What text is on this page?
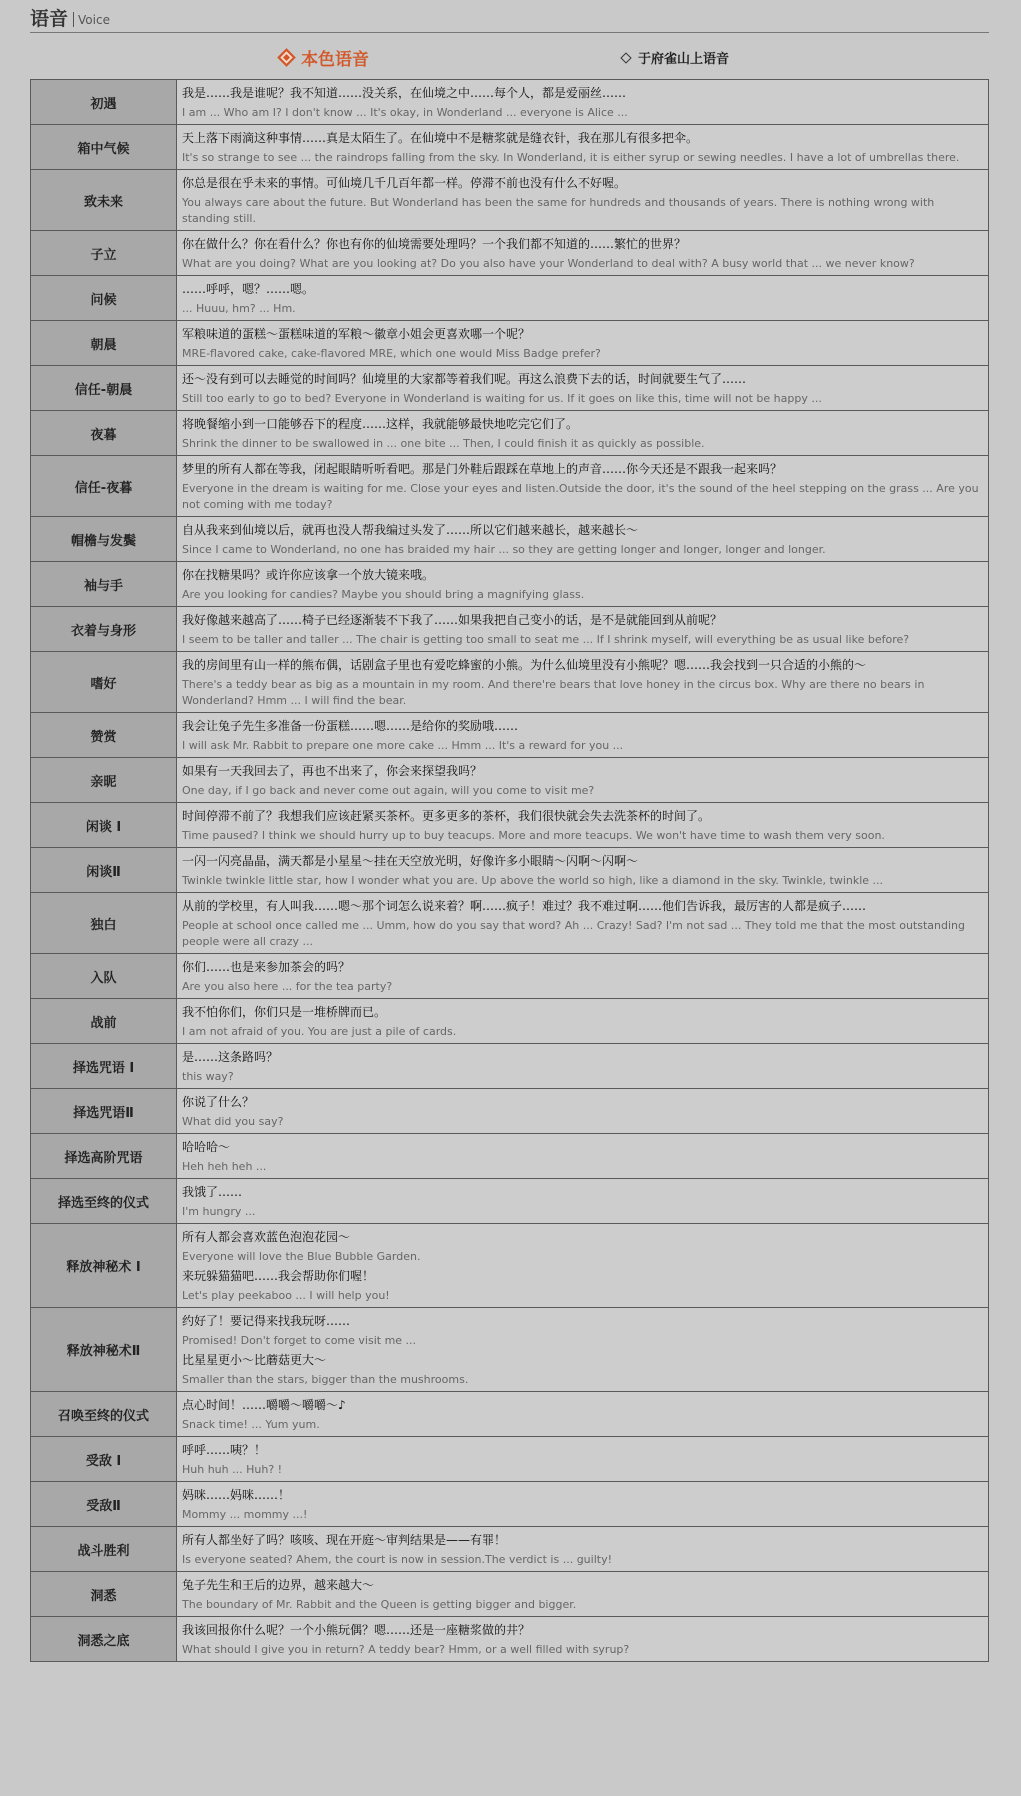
语音 Voice
本色语音	于府雀山上语音
初遇	我是……我是谁呢？我不知道……没关系，在仙境之中……每个人，都是爱丽丝……
I am ... Who am I? I don't know ... It's okay, in Wonderland ... everyone is Alice ...

箱中气候	天上落下雨滴这种事情……真是太陌生了。在仙境中不是糖浆就是缝衣针，我在那儿有很多把伞。
It's so strange to see ... the raindrops falling from the sky. In Wonderland, it is either syrup or sewing needles. I have a lot of umbrellas there.

致未来	你总是很在乎未来的事情。可仙境几千几百年都一样。停滞不前也没有什么不好喔。
You always care about the future. But Wonderland has been the same for hundreds and thousands of years. There is nothing wrong with standing still.

子立	你在做什么？你在看什么？你也有你的仙境需要处理吗？一个我们都不知道的……繁忙的世界？
What are you doing? What are you looking at? Do you also have your Wonderland to deal with? A busy world that ... we never know?

问候	……呼呼，嗯？……嗯。
... Huuu, hm? ... Hm.

朝晨	军粮味道的蛋糕～蛋糕味道的军粮～徽章小姐会更喜欢哪一个呢？
MRE-flavored cake, cake-flavored MRE, which one would Miss Badge prefer?

信任-朝晨	还～没有到可以去睡觉的时间吗？仙境里的大家都等着我们呢。再这么浪费下去的话，时间就要生气了……
Still too early to go to bed? Everyone in Wonderland is waiting for us. If it goes on like this, time will not be happy ...

夜暮	将晚餐缩小到一口能够吞下的程度……这样，我就能够最快地吃完它们了。
Shrink the dinner to be swallowed in ... one bite ... Then, I could finish it as quickly as possible.

信任-夜暮	梦里的所有人都在等我，闭起眼睛听听看吧。那是门外鞋后跟踩在草地上的声音……你今天还是不跟我一起来吗？
Everyone in the dream is waiting for me. Close your eyes and listen.Outside the door, it's the sound of the heel stepping on the grass ... Are you not coming with me today?

帽檐与发鬓	自从我来到仙境以后，就再也没人帮我编过头发了……所以它们越来越长，越来越长～
Since I came to Wonderland, no one has braided my hair ... so they are getting longer and longer, longer and longer.

袖与手	你在找糖果吗？或许你应该拿一个放大镜来哦。
Are you looking for candies? Maybe you should bring a magnifying glass.

衣着与身形	我好像越来越高了……椅子已经逐渐装不下我了……如果我把自己变小的话，是不是就能回到从前呢？
I seem to be taller and taller ... The chair is getting too small to seat me ... If I shrink myself, will everything be as usual like before?

嗜好	我的房间里有山一样的熊布偶，话剧盒子里也有爱吃蜂蜜的小熊。为什么仙境里没有小熊呢？嗯……我会找到一只合适的小熊的～
There's a teddy bear as big as a mountain in my room. And there're bears that love honey in the circus box. Why are there no bears in Wonderland? Hmm ... I will find the bear.

赞赏	我会让兔子先生多准备一份蛋糕……嗯……是给你的奖励哦……
I will ask Mr. Rabbit to prepare one more cake ... Hmm ... It's a reward for you ...

亲昵	如果有一天我回去了，再也不出来了，你会来探望我吗？
One day, if I go back and never come out again, will you come to visit me?

闲谈 I	时间停滞不前了？我想我们应该赶紧买茶杯。更多更多的茶杯，我们很快就会失去洗茶杯的时间了。
Time paused? I think we should hurry up to buy teacups. More and more teacups. We won't have time to wash them very soon.

闲谈Ⅱ	一闪一闪亮晶晶，满天都是小星星～挂在天空放光明，好像许多小眼睛～闪啊～闪啊～
Twinkle twinkle little star, how I wonder what you are. Up above the world so high, like a diamond in the sky. Twinkle, twinkle ...

独白	从前的学校里，有人叫我……嗯～那个词怎么说来着？啊……疯子！难过？我不难过啊……他们告诉我，最厉害的人都是疯子……
People at school once called me ... Umm, how do you say that word? Ah ... Crazy! Sad? I'm not sad ... They told me that the most outstanding people were all crazy ...

入队	你们……也是来参加茶会的吗？
Are you also here ... for the tea party?

战前	我不怕你们，你们只是一堆桥牌而已。
I am not afraid of you. You are just a pile of cards.

择选咒语 I	是……这条路吗？
this way?

择选咒语Ⅱ	你说了什么？
What did you say?

择选高阶咒语	哈哈哈～
Heh heh heh ...

择选至终的仪式	我饿了……
I'm hungry ...

释放神秘术 I	所有人都会喜欢蓝色泡泡花园～
Everyone will love the Blue Bubble Garden.
来玩躲猫猫吧……我会帮助你们喔！
Let's play peekaboo ... I will help you!

释放神秘术Ⅱ	约好了！要记得来找我玩呀……
Promised! Don't forget to come visit me ...
比星星更小～比蘑菇更大～
Smaller than the stars, bigger than the mushrooms.

召唤至终的仪式	点心时间！……嚼嚼～嚼嚼～♪
Snack time! ... Yum yum.

受敌 I	呼呼……咦？！
Huh huh ... Huh? !

受敌Ⅱ	妈咪……妈咪……！
Mommy ... mommy ...!

战斗胜利	所有人都坐好了吗？咳咳、现在开庭～审判结果是——有罪！
Is everyone seated? Ahem, the court is now in session.The verdict is ... guilty!

洞悉	兔子先生和王后的边界，越来越大～
The boundary of Mr. Rabbit and the Queen is getting bigger and bigger.

洞悉之底	我该回报你什么呢？一个小熊玩偶？嗯……还是一座糖浆做的井？
What should I give you in return? A teddy bear? Hmm, or a well filled with syrup?
